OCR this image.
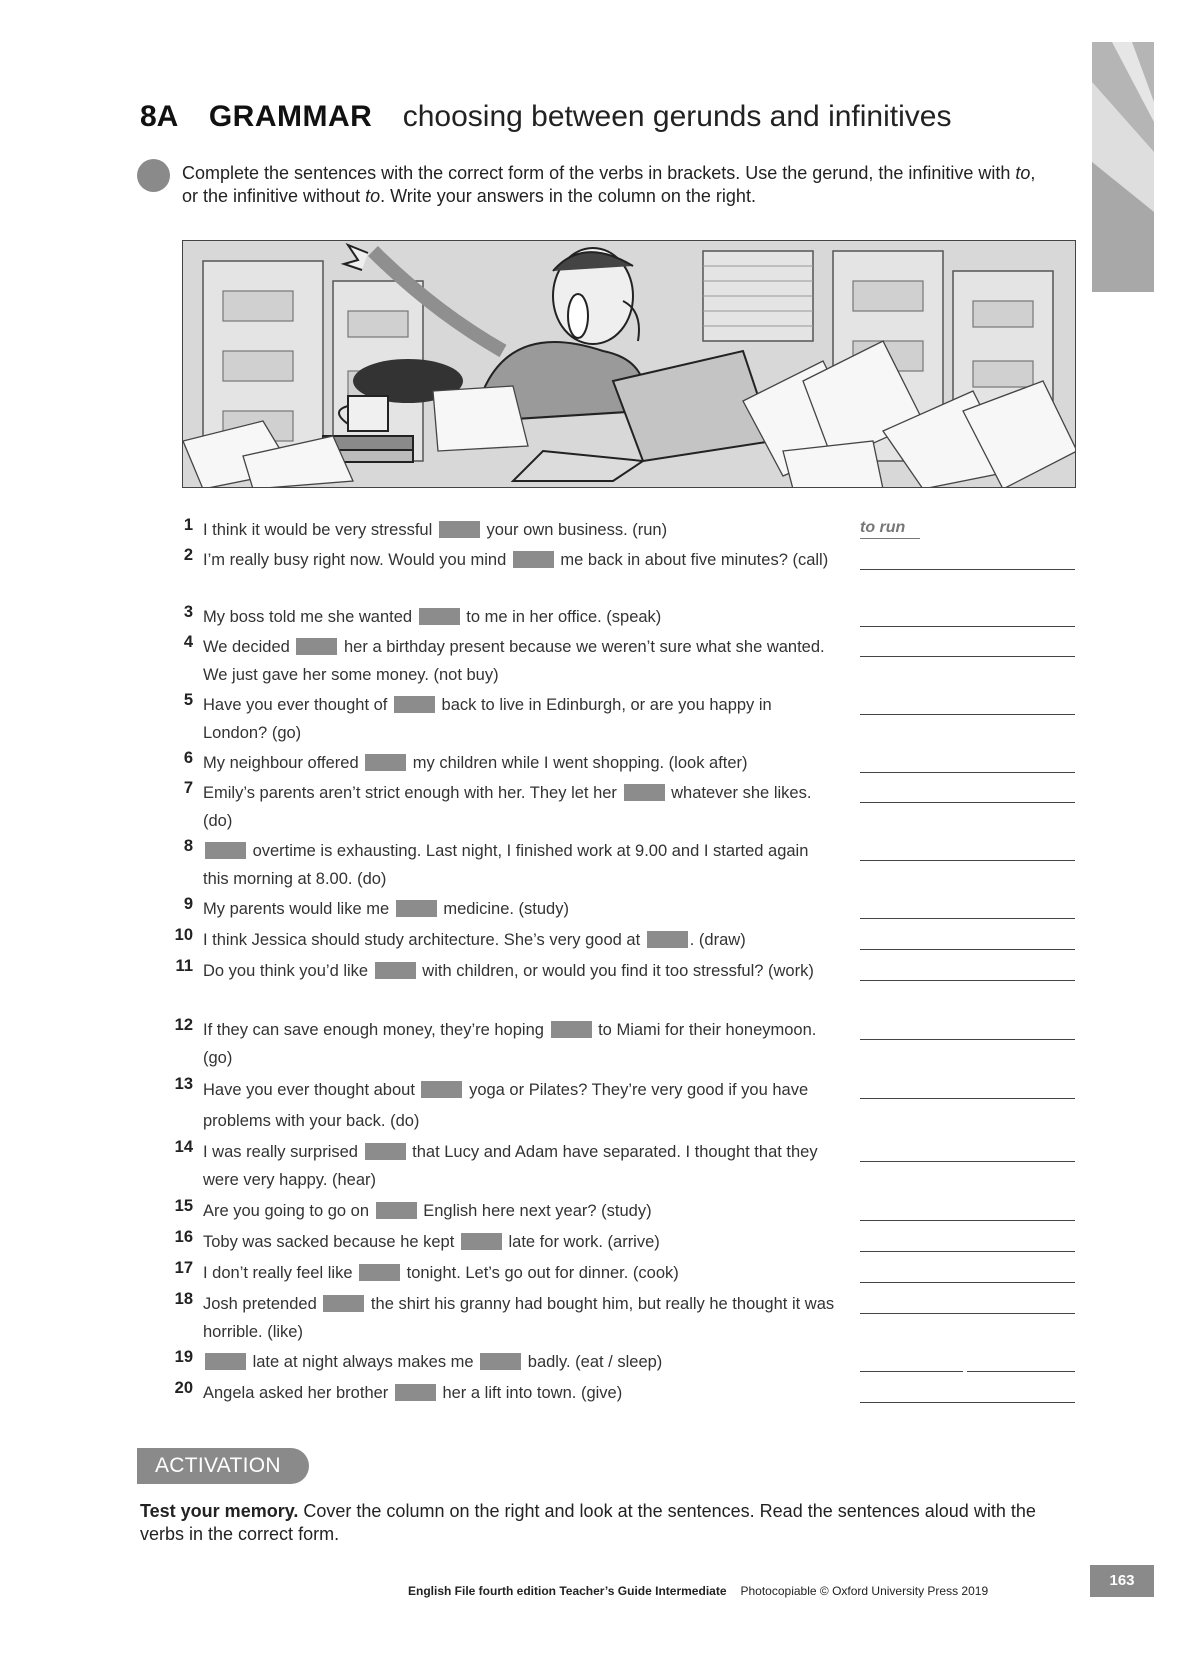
8A GRAMMAR choosing between gerunds and infinitives
Complete the sentences with the correct form of the verbs in brackets. Use the gerund, the infinitive with to, or the infinitive without to. Write your answers in the column on the right.
1 I think it would be very stressful	your own business. (run)	to run
2 I’m really busy right now. Would you mind	me back in about five minutes? (call)
3 My boss told me she wanted	to me in her office. (speak)
4 We decided	her a birthday present because we weren’t sure what she wanted. We just gave her some money. (not buy)
5 Have you ever thought of	back to live in Edinburgh, or are you happy in London? (go)
6 My neighbour offered	my children while I went shopping. (look after)
7 Emily’s parents aren’t strict enough with her. They let her	whatever she likes. (do)
8	overtime is exhausting. Last night, I finished work at 9.00 and I started again this morning at 8.00. (do)
9 My parents would like me	medicine. (study)
10 I think Jessica should study architecture. She’s very good at	. (draw)
11 Do you think you’d like	with children, or would you find it too stressful? (work)
12 If they can save enough money, they’re hoping	to Miami for their honeymoon. (go)
13 Have you ever thought about	yoga or Pilates? They’re very good if you have problems with your back. (do)
14 I was really surprised	that Lucy and Adam have separated. I thought that they were very happy. (hear)
15 Are you going to go on	English here next year? (study)
16 Toby was sacked because he kept	late for work. (arrive)
17 I don’t really feel like	tonight. Let’s go out for dinner. (cook)
18 Josh pretended	the shirt his granny had bought him, but really he thought it was horrible. (like)
19	late at night always makes me	badly. (eat / sleep)
20 Angela asked her brother	her a lift into town. (give)
ACTIVATION
Test your memory. Cover the column on the right and look at the sentences. Read the sentences aloud with the verbs in the correct form.
English File fourth edition Teacher’s Guide Intermediate Photocopiable © Oxford University Press 2019
163
